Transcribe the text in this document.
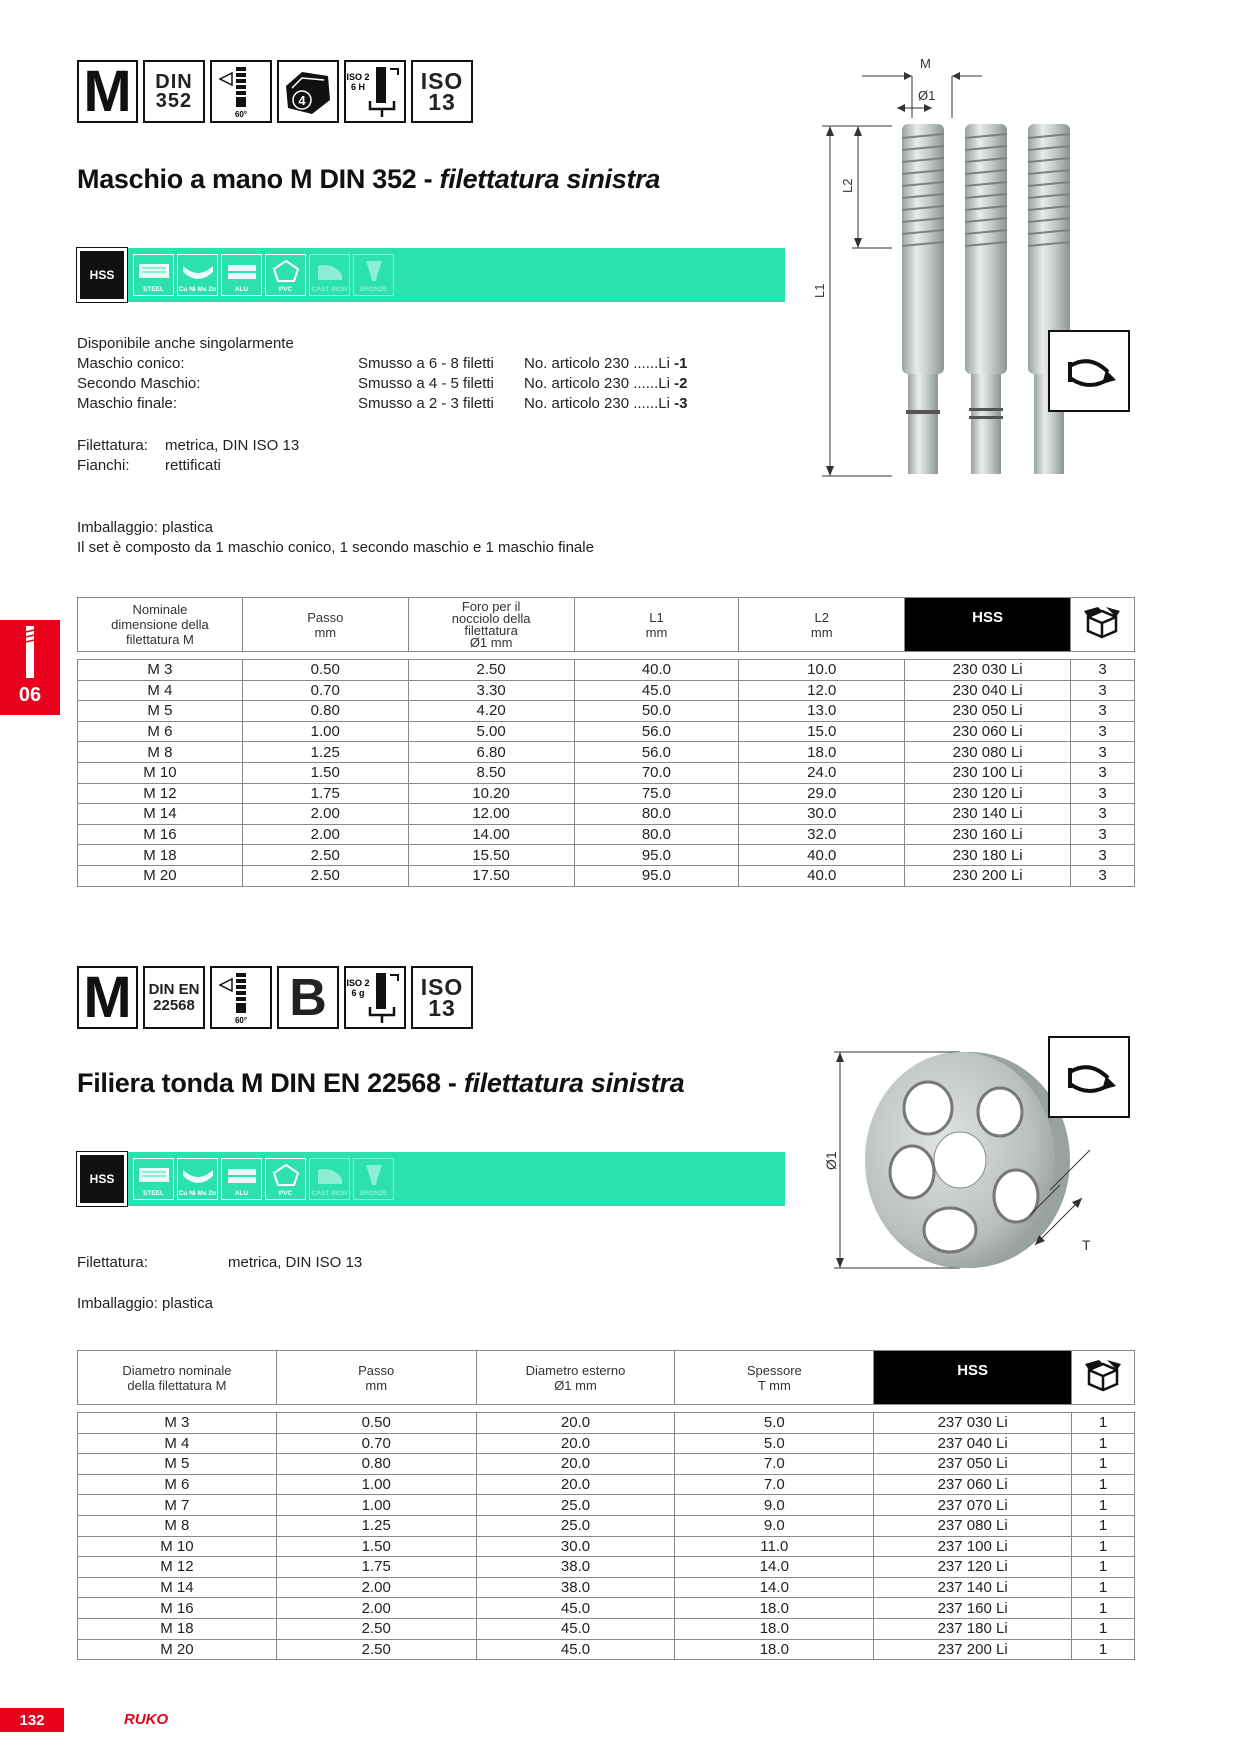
M DIN
352
60°
4
ISO 2
6 H ISO
13
Maschio a mano M DIN 352 - filettatura sinistra
HSS
STEEL Cu Ni Ms Zn	ALU	PVC	CAST IRON BRONZE
Disponibile anche singolarmente
Maschio conico:	Smusso a 6 - 8 filetti No. articolo 230 ......Li -1
Secondo Maschio:	Smusso a 4 - 5 filetti No. articolo 230 ......Li -2
Maschio finale:	Smusso a 2 - 3 filetti No. articolo 230 ......Li -3
Filettatura: metrica, DIN ISO 13
Fianchi: rettificati
Imballaggio: plastica
Il set è composto da 1 maschio conico, 1 secondo maschio e 1 maschio finale
M
Ø1
L1
L2
06
Nominale
dimensione della
filettatura M

Passo
mm

Foro per il
nocciolo della
filettatura
Ø1 mm

L1
mm

L2
mm
	HSS	
M 3	0.50	2.50	40.0	10.0	230 030 Li	3
M 4	0.70	3.30	45.0	12.0	230 040 Li	3
M 5	0.80	4.20	50.0	13.0	230 050 Li	3
M 6	1.00	5.00	56.0	15.0	230 060 Li	3
M 8	1.25	6.80	56.0	18.0	230 080 Li	3
M 10	1.50	8.50	70.0	24.0	230 100 Li	3
M 12	1.75	10.20	75.0	29.0	230 120 Li	3
M 14	2.00	12.00	80.0	30.0	230 140 Li	3
M 16	2.00	14.00	80.0	32.0	230 160 Li	3
M 18	2.50	15.50	95.0	40.0	230 180 Li	3
M 20	2.50	17.50	95.0	40.0	230 200 Li	3
M DIN EN
22568
60° B ISO 2
6 g ISO
13
Filiera tonda M DIN EN 22568 - filettatura sinistra
HSS
STEEL Cu Ni Ms Zn	ALU	PVC	CAST IRON BRONZE
Filettatura:	metrica, DIN ISO 13
Imballaggio: plastica
Ø1
T
Diametro nominale
della filettatura M

Passo
mm

Diametro esterno
Ø1 mm

Spessore
T mm
	HSS	
M 3	0.50	20.0	5.0	237 030 Li	1
M 4	0.70	20.0	5.0	237 040 Li	1
M 5	0.80	20.0	7.0	237 050 Li	1
M 6	1.00	20.0	7.0	237 060 Li	1
M 7	1.00	25.0	9.0	237 070 Li	1
M 8	1.25	25.0	9.0	237 080 Li	1
M 10	1.50	30.0	11.0	237 100 Li	1
M 12	1.75	38.0	14.0	237 120 Li	1
M 14	2.00	38.0	14.0	237 140 Li	1
M 16	2.00	45.0	18.0	237 160 Li	1
M 18	2.50	45.0	18.0	237 180 Li	1
M 20	2.50	45.0	18.0	237 200 Li	1
132	RUKO
